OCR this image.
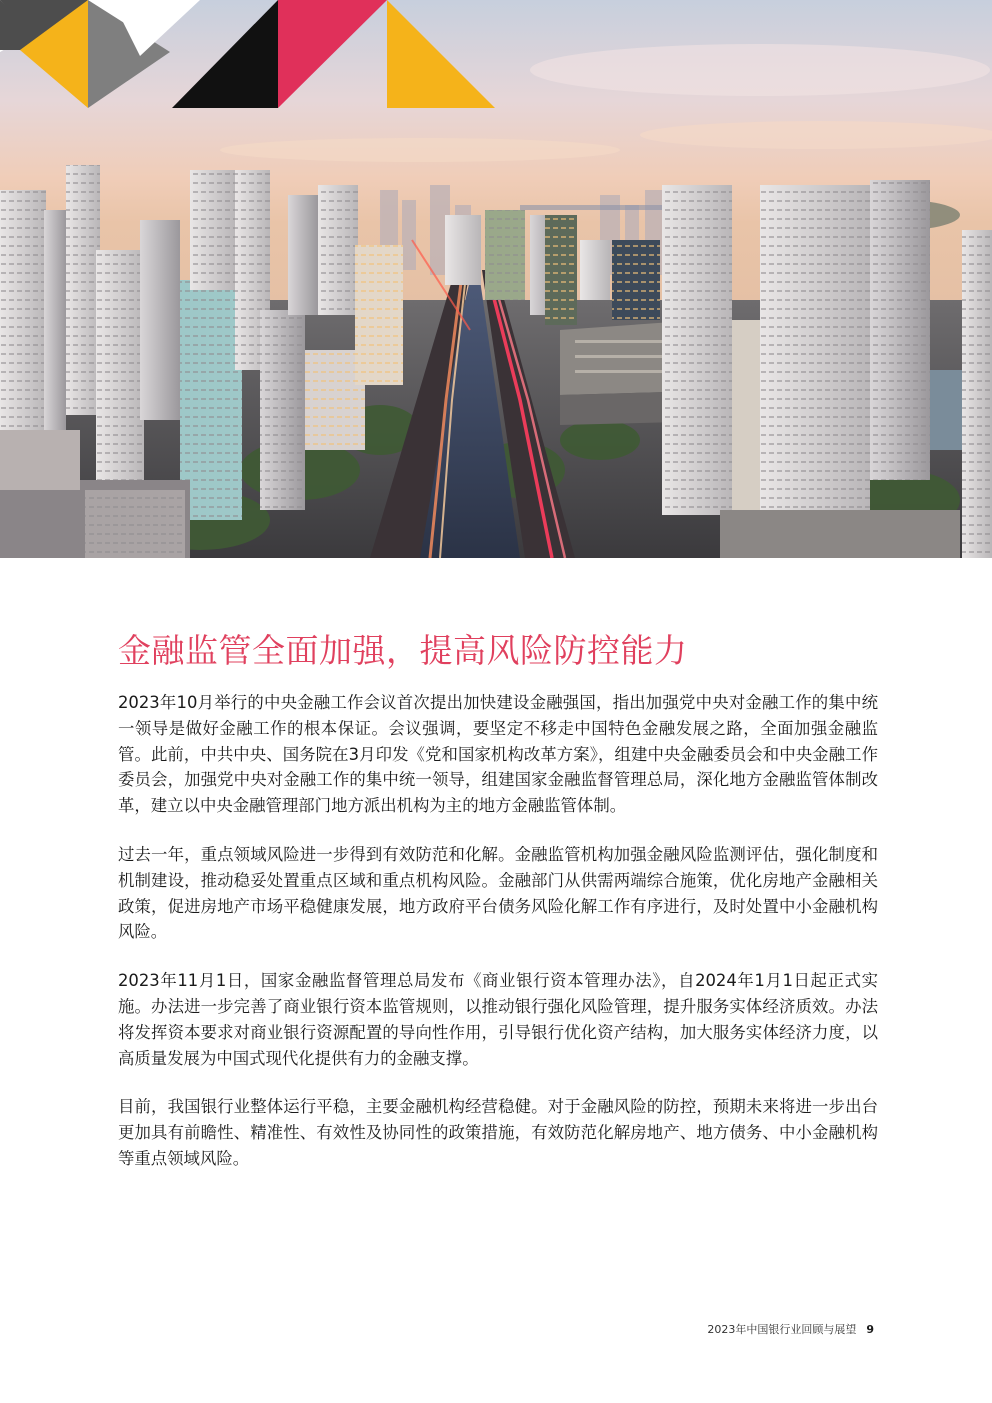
金融监管全面加强，提高风险防控能力

2023年10月举行的中央金融工作会议首次提出加快建设金融强国，指出加强党中央对金融工作的集中统一领导是做好金融工作的根本保证。会议强调，要坚定不移走中国特色金融发展之路，全面加强金融监管。此前，中共中央、国务院在3月印发《党和国家机构改革方案》，组建中央金融委员会和中央金融工作委员会，加强党中央对金融工作的集中统一领导，组建国家金融监督管理总局，深化地方金融监管体制改革，建立以中央金融管理部门地方派出机构为主的地方金融监管体制。

过去一年，重点领域风险进一步得到有效防范和化解。金融监管机构加强金融风险监测评估，强化制度和机制建设，推动稳妥处置重点区域和重点机构风险。金融部门从供需两端综合施策，优化房地产金融相关政策，促进房地产市场平稳健康发展，地方政府平台债务风险化解工作有序进行，及时处置中小金融机构风险。

2023年11月1日，国家金融监督管理总局发布《商业银行资本管理办法》，自2024年1月1日起正式实施。办法进一步完善了商业银行资本监管规则，以推动银行强化风险管理，提升服务实体经济质效。办法将发挥资本要求对商业银行资源配置的导向性作用，引导银行优化资产结构，加大服务实体经济力度，以高质量发展为中国式现代化提供有力的金融支撑。

目前，我国银行业整体运行平稳，主要金融机构经营稳健。对于金融风险的防控，预期未来将进一步出台更加具有前瞻性、精准性、有效性及协同性的政策措施，有效防范化解房地产、地方债务、中小金融机构等重点领域风险。

2023年中国银行业回顾与展望 9
